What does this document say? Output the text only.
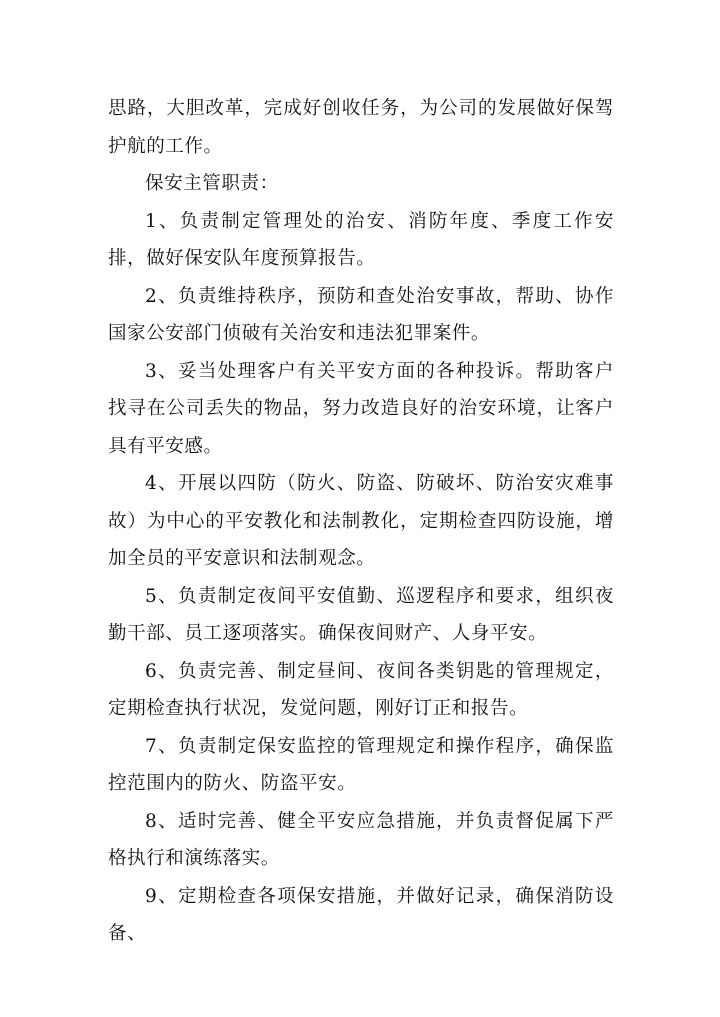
思路，大胆改革，完成好创收任务，为公司的发展做好保驾护航的工作。

保安主管职责：

1、负责制定管理处的治安、消防年度、季度工作安排，做好保安队年度预算报告。

2、负责维持秩序，预防和查处治安事故，帮助、协作国家公安部门侦破有关治安和违法犯罪案件。

3、妥当处理客户有关平安方面的各种投诉。帮助客户找寻在公司丢失的物品，努力改造良好的治安环境，让客户具有平安感。

4、开展以四防（防火、防盗、防破坏、防治安灾难事故）为中心的平安教化和法制教化，定期检查四防设施，增加全员的平安意识和法制观念。

5、负责制定夜间平安值勤、巡逻程序和要求，组织夜勤干部、员工逐项落实。确保夜间财产、人身平安。

6、负责完善、制定昼间、夜间各类钥匙的管理规定，定期检查执行状况，发觉问题，刚好订正和报告。

7、负责制定保安监控的管理规定和操作程序，确保监控范围内的防火、防盗平安。

8、适时完善、健全平安应急措施，并负责督促属下严格执行和演练落实。

9、定期检查各项保安措施，并做好记录，确保消防设备、
